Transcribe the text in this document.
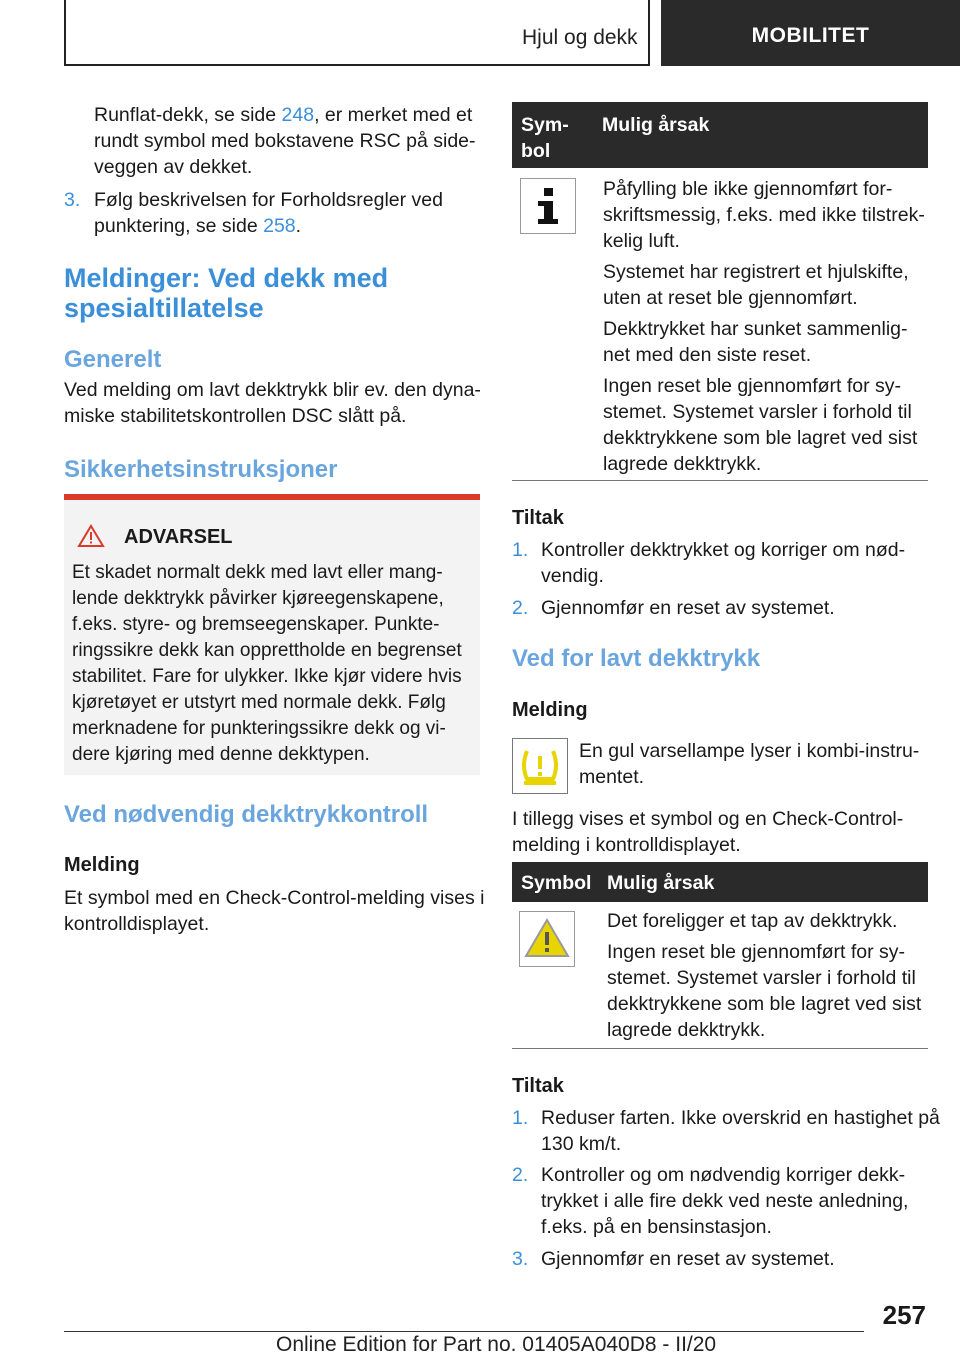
Hjul og dekk	MOBILITET
Runflat-dekk, se side 248, er merket med et
rundt symbol med bokstavene RSC på side-
veggen av dekket.
3. Følg beskrivelsen for Forholdsregler ved
punktering, se side 258.
Meldinger: Ved dekk med
spesialtillatelse
Generelt
Ved melding om lavt dekktrykk blir ev. den dyna-
miske stabilitetskontrollen DSC slått på.
Sikkerhetsinstruksjoner
ADVARSEL
Et skadet normalt dekk med lavt eller mang-
lende dekktrykk påvirker kjøreegenskapene,
f.eks. styre- og bremseegenskaper. Punkte-
ringssikre dekk kan opprettholde en begrenset
stabilitet. Fare for ulykker. Ikke kjør videre hvis
kjøretøyet er utstyrt med normale dekk. Følg
merknadene for punkteringssikre dekk og vi-
dere kjøring med denne dekktypen.
Ved nødvendig dekktrykkontroll
Melding
Et symbol med en Check-Control-melding vises i
kontrolldisplayet.
Sym-
bol
Mulig årsak
Påfylling ble ikke gjennomført for-
skriftsmessig, f.eks. med ikke tilstrek-
kelig luft.
Systemet har registrert et hjulskifte,
uten at reset ble gjennomført.
Dekktrykket har sunket sammenlig-
net med den siste reset.
Ingen reset ble gjennomført for sy-
stemet. Systemet varsler i forhold til
dekktrykkene som ble lagret ved sist
lagrede dekktrykk.
Tiltak
1. Kontroller dekktrykket og korriger om nød-
vendig.
2. Gjennomfør en reset av systemet.
Ved for lavt dekktrykk
Melding
En gul varsellampe lyser i kombi-instru-
mentet.
I tillegg vises et symbol og en Check-Control-
melding i kontrolldisplayet.
Symbol Mulig årsak
Det foreligger et tap av dekktrykk.
Ingen reset ble gjennomført for sy-
stemet. Systemet varsler i forhold til
dekktrykkene som ble lagret ved sist
lagrede dekktrykk.
Tiltak
1. Reduser farten. Ikke overskrid en hastighet på
130 km/t.
2. Kontroller og om nødvendig korriger dekk-
trykket i alle fire dekk ved neste anledning,
f.eks. på en bensinstasjon.
3. Gjennomfør en reset av systemet.
257
Online Edition for Part no. 01405A040D8 - II/20
